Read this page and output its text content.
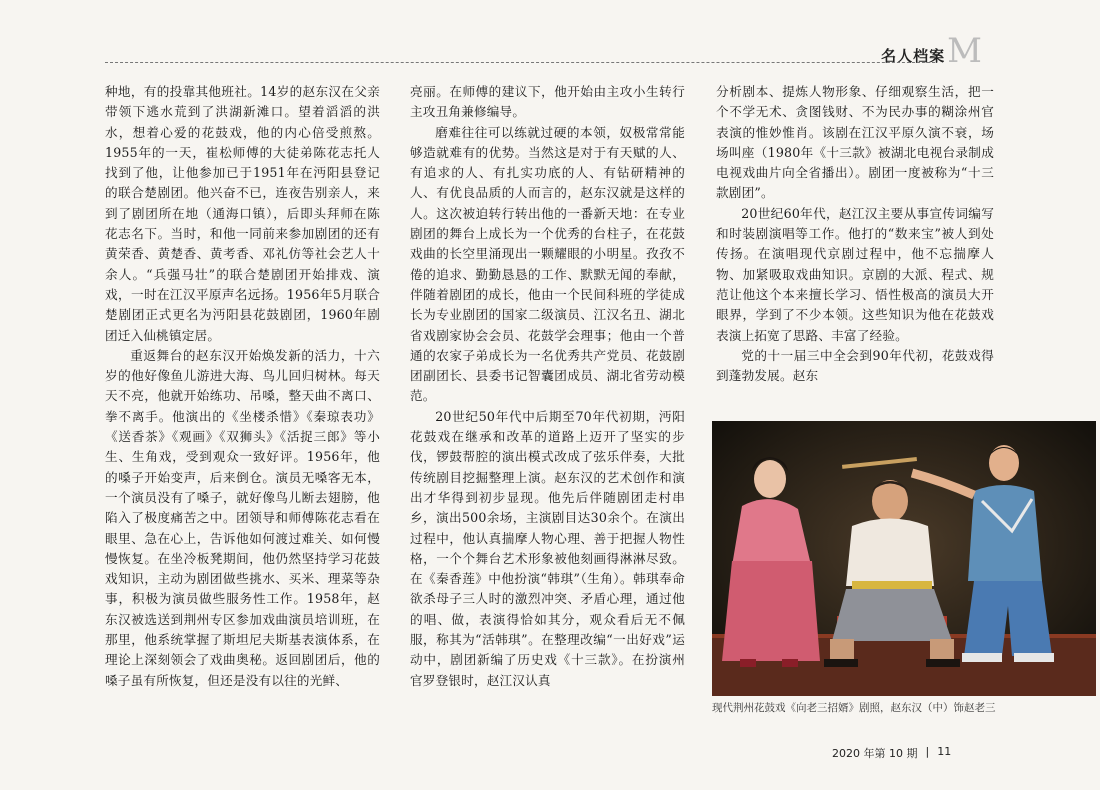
名人档案 M

种地，有的投靠其他班社。14岁的赵东汉在父亲带领下逃水荒到了洪湖新滩口。望着滔滔的洪水，想着心爱的花鼓戏，他的内心倍受煎熬。1955年的一天，崔松师傅的大徒弟陈花志托人找到了他，让他参加已于1951年在沔阳县登记的联合楚剧团。他兴奋不已，连夜告别亲人，来到了剧团所在地（通海口镇），后即头拜师在陈花志名下。当时，和他一同前来参加剧团的还有黄荣香、黄楚香、黄考香、邓礼仿等社会艺人十余人。“兵强马壮”的联合楚剧团开始排戏、演戏，一时在江汉平原声名远扬。1956年5月联合楚剧团正式更名为沔阳县花鼓剧团，1960年剧团迁入仙桃镇定居。

重返舞台的赵东汉开始焕发新的活力，十六岁的他好像鱼儿游进大海、鸟儿回归树林。每天天不亮，他就开始练功、吊嗓，整天曲不离口、拳不离手。他演出的《坐楼杀惜》《秦琼表功》《送香茶》《观画》《双狮头》《活捉三郎》等小生、生角戏，受到观众一致好评。1956年，他的嗓子开始变声，后来倒仓。演员无嗓客无本，一个演员没有了嗓子，就好像鸟儿断去翅膀，他陷入了极度痛苦之中。团领导和师傅陈花志看在眼里、急在心上，告诉他如何渡过难关、如何慢慢恢复。在坐冷板凳期间，他仍然坚持学习花鼓戏知识，主动为剧团做些挑水、买米、理菜等杂事，积极为演员做些服务性工作。1958年，赵东汉被选送到荆州专区参加戏曲演员培训班，在那里，他系统掌握了斯坦尼夫斯基表演体系，在理论上深刻领会了戏曲奥秘。返回剧团后，他的嗓子虽有所恢复，但还是没有以往的光鲜、

亮丽。在师傅的建议下，他开始由主攻小生转行主攻丑角兼修编导。

磨难往往可以练就过硬的本领，奴极常常能够造就难有的优势。当然这是对于有天赋的人、有追求的人、有扎实功底的人、有钻研精神的人、有优良品质的人而言的，赵东汉就是这样的人。这次被迫转行转出他的一番新天地：在专业剧团的舞台上成长为一个优秀的台柱子，在花鼓戏曲的长空里涌现出一颗耀眼的小明星。孜孜不倦的追求、勤勤恳恳的工作、默默无闻的奉献，伴随着剧团的成长，他由一个民间科班的学徒成长为专业剧团的国家二级演员、江汉名丑、湖北省戏剧家协会会员、花鼓学会理事；他由一个普通的农家子弟成长为一名优秀共产党员、花鼓剧团副团长、县委书记智囊团成员、湖北省劳动模范。

20世纪50年代中后期至70年代初期，沔阳花鼓戏在继承和改革的道路上迈开了坚实的步伐，锣鼓帮腔的演出模式改成了弦乐伴奏，大批传统剧目挖掘整理上演。赵东汉的艺术创作和演出才华得到初步显现。他先后伴随剧团走村串乡，演出500余场，主演剧目达30余个。在演出过程中，他认真揣摩人物心理、善于把握人物性格，一个个舞台艺术形象被他刻画得淋淋尽致。在《秦香莲》中他扮演“韩琪”（生角）。韩琪奉命欲杀母子三人时的激烈冲突、矛盾心理，通过他的唱、做，表演得恰如其分，观众看后无不佩服，称其为“活韩琪”。在整理改编“一出好戏”运动中，剧团新编了历史戏《十三款》。在扮演州官罗登银时，赵江汉认真

分析剧本、提炼人物形象、仔细观察生活，把一个不学无术、贪图钱财、不为民办事的糊涂州官表演的惟妙惟肖。该剧在江汉平原久演不衰，场场叫座（1980年《十三款》被湖北电视台录制成电视戏曲片向全省播出）。剧团一度被称为“十三款剧团”。

20世纪60年代，赵江汉主要从事宣传词编写和时装剧演唱等工作。他打的“数来宝”被人到处传扬。在演唱现代京剧过程中，他不忘揣摩人物、加紧吸取戏曲知识。京剧的大派、程式、规范让他这个本来擅长学习、悟性极高的演员大开眼界，学到了不少本领。这些知识为他在花鼓戏表演上拓宽了思路、丰富了经验。

党的十一届三中全会到90年代初，花鼓戏得到蓬勃发展。赵东

现代荆州花鼓戏《向老三招婿》剧照，赵东汉（中）饰赵老三
2020 年第 10 期 | 11
